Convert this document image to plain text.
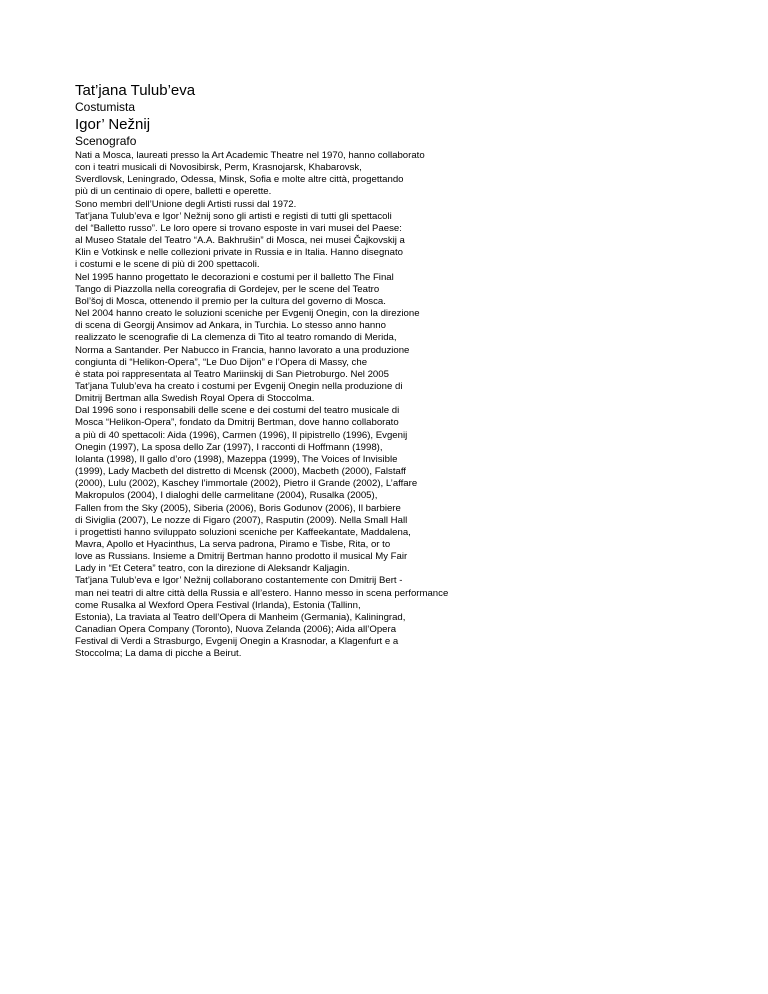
Tat’jana Tulub’eva
Costumista
Igor’ Nežnij
Scenografo

Nati a Mosca, laureati presso la Art Academic Theatre nel 1970, hanno collaborato
con i teatri musicali di Novosibirsk, Perm, Krasnojarsk, Khabarovsk,
Sverdlovsk, Leningrado, Odessa, Minsk, Sofia e molte altre città, progettando
più di un centinaio di opere, balletti e operette.
Sono membri dell’Unione degli Artisti russi dal 1972.
Tat’jana Tulub’eva e Igor’ Nežnij sono gli artisti e registi di tutti gli spettacoli
del “Balletto russo”. Le loro opere si trovano esposte in vari musei del Paese:
al Museo Statale del Teatro “A.A. Bakhrušin” di Mosca, nei musei Čajkovskij a
Klin e Votkinsk e nelle collezioni private in Russia e in Italia. Hanno disegnato
i costumi e le scene di più di 200 spettacoli.
Nel 1995 hanno progettato le decorazioni e costumi per il balletto The Final
Tango di Piazzolla nella coreografia di Gordejev, per le scene del Teatro
Bol’šoj di Mosca, ottenendo il premio per la cultura del governo di Mosca.
Nel 2004 hanno creato le soluzioni sceniche per Evgenij Onegin, con la direzione
di scena di Georgij Ansimov ad Ankara, in Turchia. Lo stesso anno hanno
realizzato le scenografie di La clemenza di Tito al teatro romando di Merida,
Norma a Santander. Per Nabucco in Francia, hanno lavorato a una produzione
congiunta di “Helikon-Opera”, “Le Duo Dijon” e l’Opera di Massy, che
è stata poi rappresentata al Teatro Mariinskij di San Pietroburgo. Nel 2005
Tat’jana Tulub’eva ha creato i costumi per Evgenij Onegin nella produzione di
Dmitrij Bertman alla Swedish Royal Opera di Stoccolma.
Dal 1996 sono i responsabili delle scene e dei costumi del teatro musicale di
Mosca “Helikon-Opera”, fondato da Dmitrij Bertman, dove hanno collaborato
a più di 40 spettacoli: Aida (1996), Carmen (1996), Il pipistrello (1996), Evgenij
Onegin (1997), La sposa dello Zar (1997), I racconti di Hoffmann (1998),
Iolanta (1998), Il gallo d’oro (1998), Mazeppa (1999), The Voices of Invisible
(1999), Lady Macbeth del distretto di Mcensk (2000), Macbeth (2000), Falstaff
(2000), Lulu (2002), Kaschey l’immortale (2002), Pietro il Grande (2002), L’affare
Makropulos (2004), I dialoghi delle carmelitane (2004), Rusalka (2005),
Fallen from the Sky (2005), Siberia (2006), Boris Godunov (2006), Il barbiere
di Siviglia (2007), Le nozze di Figaro (2007), Rasputin (2009). Nella Small Hall
i progettisti hanno sviluppato soluzioni sceniche per Kaffeekantate, Maddalena,
Mavra, Apollo et Hyacinthus, La serva padrona, Piramo e Tisbe, Rita, or to
love as Russians. Insieme a Dmitrij Bertman hanno prodotto il musical My Fair
Lady in “Et Cetera” teatro, con la direzione di Aleksandr Kaljagin.
Tat’jana Tulub’eva e Igor’ Nežnij collaborano costantemente con Dmitrij Bert -
man nei teatri di altre città della Russia e all’estero. Hanno messo in scena performance
come Rusalka al Wexford Opera Festival (Irlanda), Estonia (Tallinn,
Estonia), La traviata al Teatro dell’Opera di Manheim (Germania), Kaliningrad,
Canadian Opera Company (Toronto), Nuova Zelanda (2006); Aida all’Opera
Festival di Verdi a Strasburgo, Evgenij Onegin a Krasnodar, a Klagenfurt e a
Stoccolma; La dama di picche a Beirut.
